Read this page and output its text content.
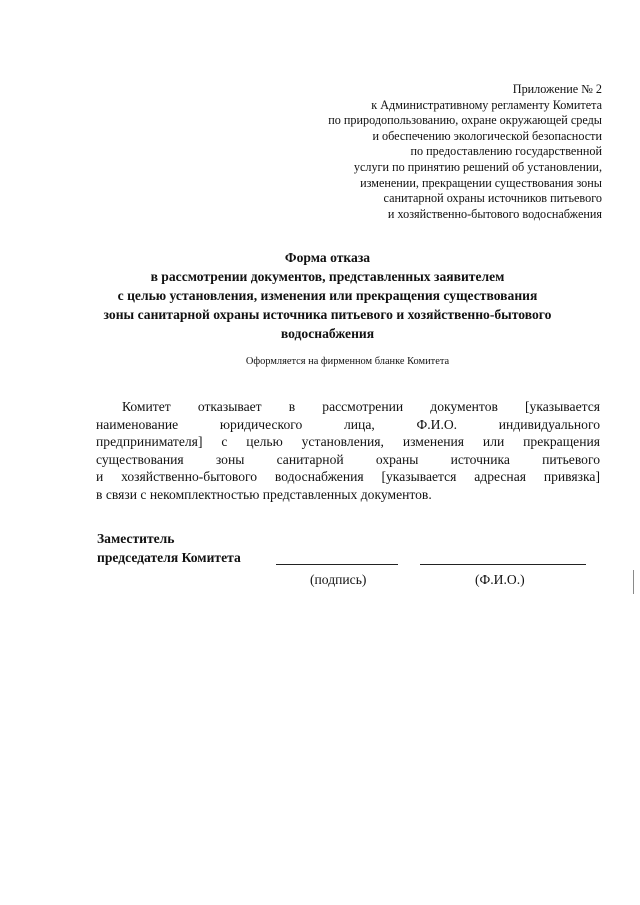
Приложение № 2
к Административному регламенту Комитета
по природопользованию, охране окружающей среды
и обеспечению экологической безопасности
по предоставлению государственной
услуги по принятию решений об установлении,
изменении, прекращении существования зоны
санитарной охраны источников питьевого
и хозяйственно-бытового водоснабжения
Форма отказа
в рассмотрении документов, представленных заявителем
с целью установления, изменения или прекращения существования
зоны санитарной охраны источника питьевого и хозяйственно-бытового
водоснабжения
Оформляется на фирменном бланке Комитета
Комитет отказывает в рассмотрении документов [указывается
наименование юридического лица, Ф.И.О. индивидуального
предпринимателя] с целью установления, изменения или прекращения
существования зоны санитарной охраны источника питьевого
и хозяйственно-бытового водоснабжения [указывается адресная привязка]
в связи с некомплектностью представленных документов.
Заместитель
председателя Комитета
(подпись)	(Ф.И.О.)
